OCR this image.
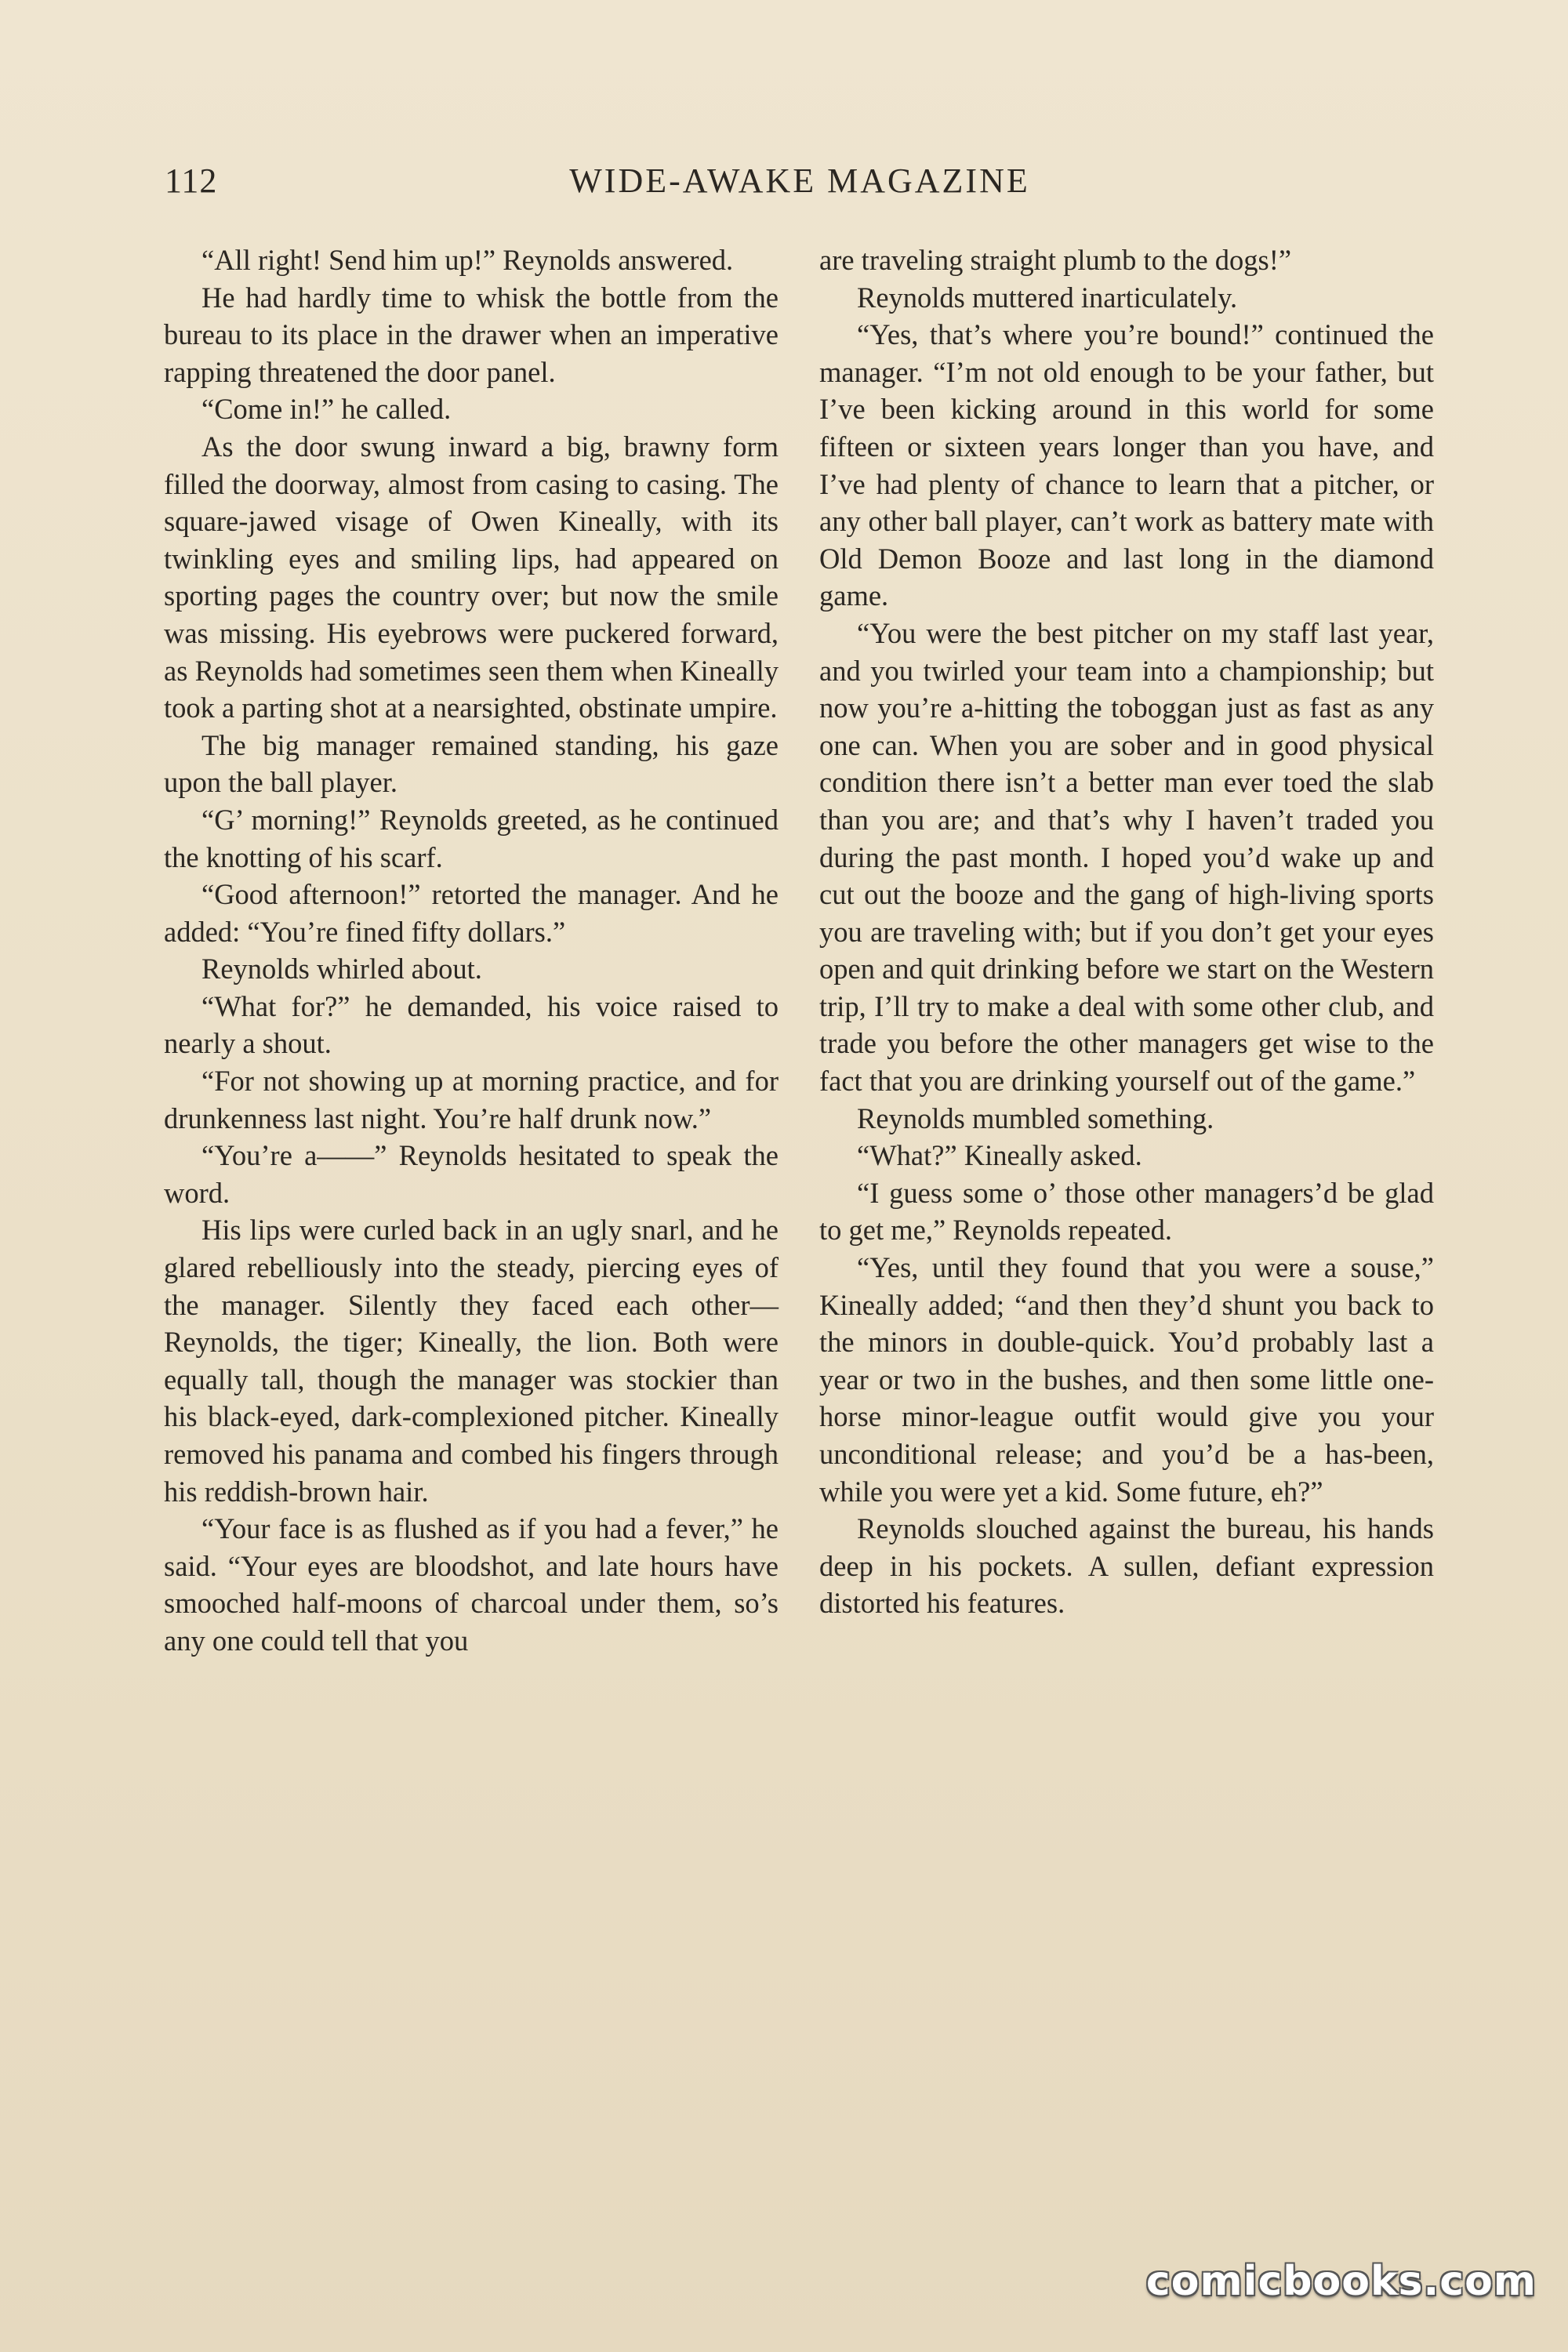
112	WIDE-AWAKE MAGAZINE

“All right! Send him up!” Reynolds answered.

He had hardly time to whisk the bottle from the bureau to its place in the drawer when an imperative rapping threatened the door panel.

“Come in!” he called.

As the door swung inward a big, brawny form filled the doorway, almost from casing to casing. The square-jawed visage of Owen Kineally, with its twinkling eyes and smiling lips, had appeared on sporting pages the country over; but now the smile was missing. His eyebrows were puckered forward, as Reynolds had sometimes seen them when Kineally took a parting shot at a nearsighted, obstinate umpire.

The big manager remained standing, his gaze upon the ball player.

“G’ morning!” Reynolds greeted, as he continued the knotting of his scarf.

“Good afternoon!” retorted the manager. And he added: “You’re fined fifty dollars.”

Reynolds whirled about.

“What for?” he demanded, his voice raised to nearly a shout.

“For not showing up at morning practice, and for drunkenness last night. You’re half drunk now.”

“You’re a——” Reynolds hesitated to speak the word.

His lips were curled back in an ugly snarl, and he glared rebelliously into the steady, piercing eyes of the manager. Silently they faced each other—Reynolds, the tiger; Kineally, the lion. Both were equally tall, though the manager was stockier than his black-eyed, dark-complexioned pitcher. Kineally removed his panama and combed his fingers through his reddish-brown hair.

“Your face is as flushed as if you had a fever,” he said. “Your eyes are bloodshot, and late hours have smooched half-moons of charcoal under them, so’s any one could tell that you

are traveling straight plumb to the dogs!”

Reynolds muttered inarticulately.

“Yes, that’s where you’re bound!” continued the manager. “I’m not old enough to be your father, but I’ve been kicking around in this world for some fifteen or sixteen years longer than you have, and I’ve had plenty of chance to learn that a pitcher, or any other ball player, can’t work as battery mate with Old Demon Booze and last long in the diamond game.

“You were the best pitcher on my staff last year, and you twirled your team into a championship; but now you’re a-hitting the toboggan just as fast as any one can. When you are sober and in good physical condition there isn’t a better man ever toed the slab than you are; and that’s why I haven’t traded you during the past month. I hoped you’d wake up and cut out the booze and the gang of high-living sports you are traveling with; but if you don’t get your eyes open and quit drinking before we start on the Western trip, I’ll try to make a deal with some other club, and trade you before the other managers get wise to the fact that you are drinking yourself out of the game.”

Reynolds mumbled something.

“What?” Kineally asked.

“I guess some o’ those other managers’d be glad to get me,” Reynolds repeated.

“Yes, until they found that you were a souse,” Kineally added; “and then they’d shunt you back to the minors in double-quick. You’d probably last a year or two in the bushes, and then some little one-horse minor-league outfit would give you your unconditional release; and you’d be a has-been, while you were yet a kid. Some future, eh?”

Reynolds slouched against the bureau, his hands deep in his pockets. A sullen, defiant expression distorted his features.

comicbooks.com
